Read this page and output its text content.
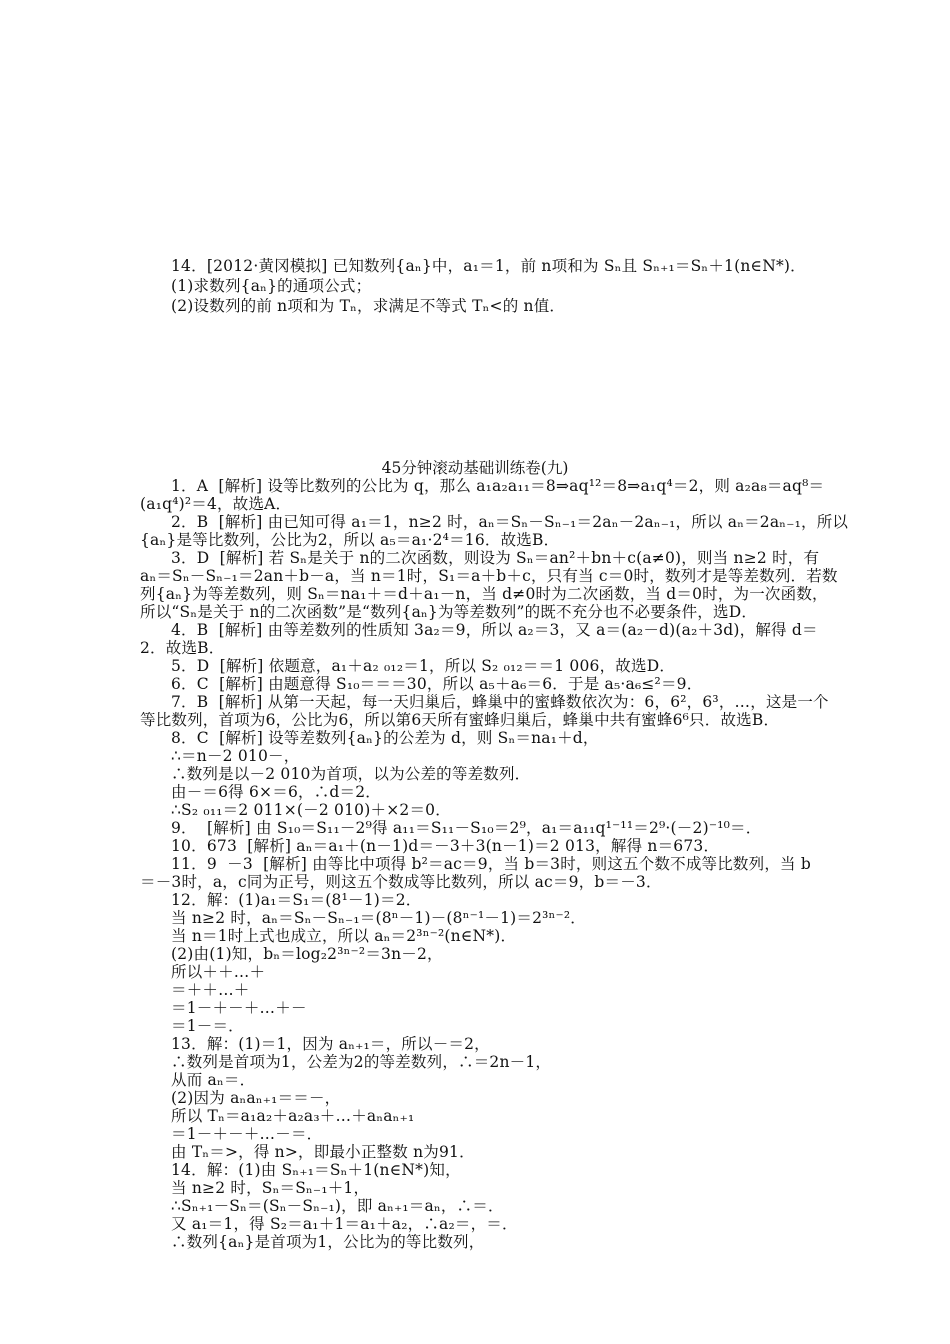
14．[2012·黄冈模拟] 已知数列{aₙ}中，a₁＝1，前 n项和为 Sₙ且 Sₙ₊₁＝Sₙ＋1(n∈N*)．
(1)求数列{aₙ}的通项公式；
(2)设数列的前 n项和为 Tₙ，求满足不等式 Tₙ<的 n值．
45分钟滚动基础训练卷(九)
1．A  [解析] 设等比数列的公比为 q，那么 a₁a₂a₁₁＝8⇒aq¹²＝8⇒a₁q⁴＝2，则 a₂a₈＝aq⁸＝
(a₁q⁴)²＝4，故选A．
2．B  [解析] 由已知可得 a₁＝1，n≥2 时，aₙ＝Sₙ－Sₙ₋₁＝2aₙ－2aₙ₋₁，所以 aₙ＝2aₙ₋₁，所以
{aₙ}是等比数列，公比为2，所以 a₅＝a₁·2⁴＝16．故选B．
3．D  [解析] 若 Sₙ是关于 n的二次函数，则设为 Sₙ＝an²＋bn＋c(a≠0)，则当 n≥2 时，有
aₙ＝Sₙ－Sₙ₋₁＝2an＋b－a，当 n＝1时，S₁＝a＋b＋c，只有当 c＝0时，数列才是等差数列．若数
列{aₙ}为等差数列，则 Sₙ＝na₁＋＝d＋a₁－n，当 d≠0时为二次函数，当 d＝0时，为一次函数，
所以“Sₙ是关于 n的二次函数”是“数列{aₙ}为等差数列”的既不充分也不必要条件，选D．
4．B  [解析] 由等差数列的性质知 3a₂＝9，所以 a₂＝3，又 a＝(a₂－d)(a₂＋3d)，解得 d＝
2．故选B．
5．D  [解析] 依题意，a₁＋a₂ ₀₁₂＝1，所以 S₂ ₀₁₂＝＝1 006，故选D．
6．C  [解析] 由题意得 S₁₀＝＝＝30，所以 a₅＋a₆＝6．于是 a₅·a₆≤²＝9．
7．B  [解析] 从第一天起，每一天归巢后，蜂巢中的蜜蜂数依次为：6，6²，6³，…，这是一个
等比数列，首项为6，公比为6，所以第6天所有蜜蜂归巢后，蜂巢中共有蜜蜂6⁶只．故选B．
8．C  [解析] 设等差数列{aₙ}的公差为 d，则 Sₙ＝na₁＋d，
∴＝n－2 010－，
∴数列是以－2 010为首项，以为公差的等差数列．
由－＝6得 6×＝6，∴d＝2．
∴S₂ ₀₁₁＝2 011×(－2 010)＋×2＝0．
9．  [解析] 由 S₁₀＝S₁₁－2⁹得 a₁₁＝S₁₁－S₁₀＝2⁹，a₁＝a₁₁q¹⁻¹¹＝2⁹·(－2)⁻¹⁰＝．
10．673  [解析] aₙ＝a₁＋(n－1)d＝－3＋3(n－1)＝2 013，解得 n＝673．
11．9  －3  [解析] 由等比中项得 b²＝ac＝9，当 b＝3时，则这五个数不成等比数列，当 b
＝－3时，a，c同为正号，则这五个数成等比数列，所以 ac＝9，b＝－3．
12．解：(1)a₁＝S₁＝(8¹－1)＝2．
当 n≥2 时，aₙ＝Sₙ－Sₙ₋₁＝(8ⁿ－1)－(8ⁿ⁻¹－1)＝2³ⁿ⁻²．
当 n＝1时上式也成立，所以 aₙ＝2³ⁿ⁻²(n∈N*)．
(2)由(1)知，bₙ＝log₂2³ⁿ⁻²＝3n－2，
所以＋＋…＋
＝＋＋…＋
＝1－＋－＋…＋－
＝1－＝．
13．解：(1)＝1，因为 aₙ₊₁＝，所以－＝2，
∴数列是首项为1，公差为2的等差数列，∴＝2n－1，
从而 aₙ＝．
(2)因为 aₙaₙ₊₁＝＝－，
所以 Tₙ＝a₁a₂＋a₂a₃＋…＋aₙaₙ₊₁
＝1－＋－＋…－＝．
由 Tₙ＝>，得 n>，即最小正整数 n为91．
14．解：(1)由 Sₙ₊₁＝Sₙ＋1(n∈N*)知，
当 n≥2 时，Sₙ＝Sₙ₋₁＋1，
∴Sₙ₊₁－Sₙ＝(Sₙ－Sₙ₋₁)，即 aₙ₊₁＝aₙ，∴＝．
又 a₁＝1，得 S₂＝a₁＋1＝a₁＋a₂，∴a₂＝，＝．
∴数列{aₙ}是首项为1，公比为的等比数列，
